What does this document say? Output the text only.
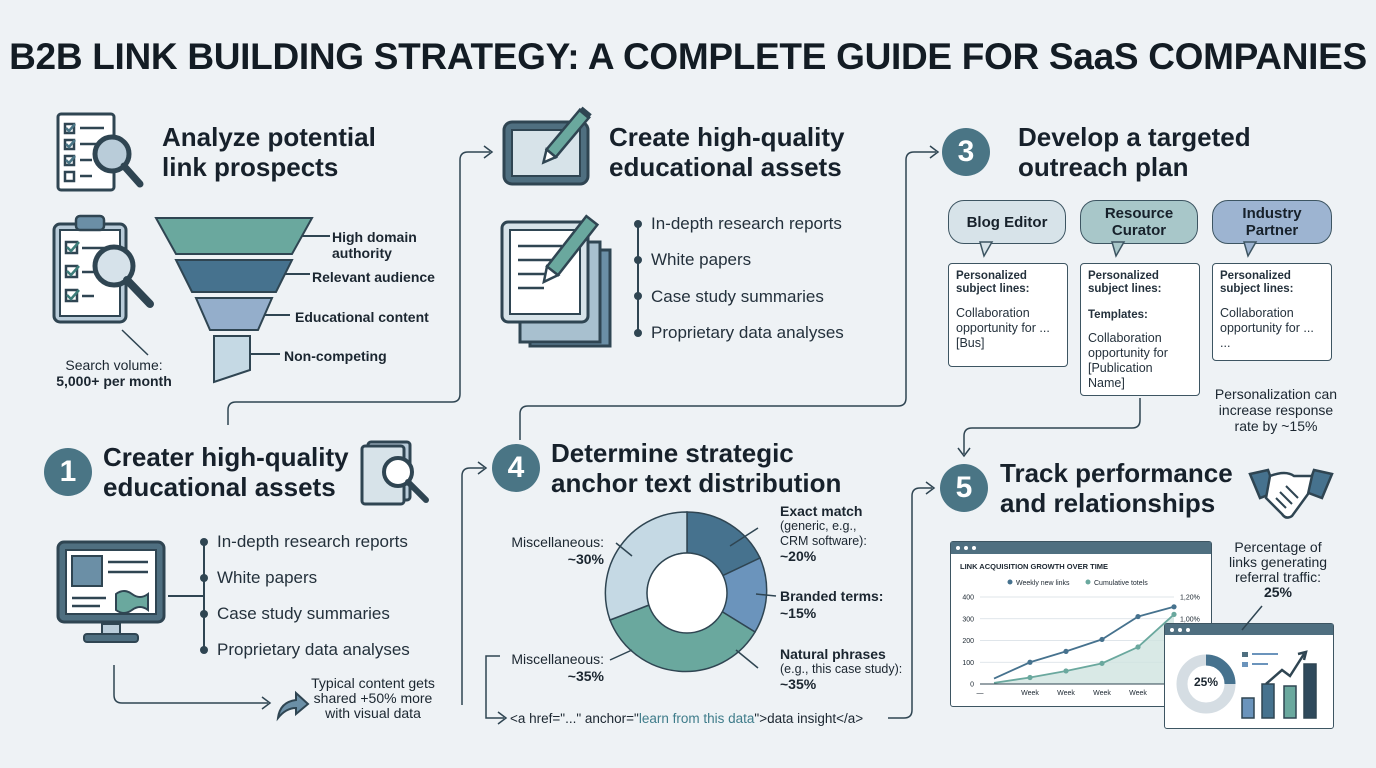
B2B LINK BUILDING STRATEGY: A COMPLETE GUIDE FOR SaaS COMPANIES
Analyze potential
link prospects
High domain
authority
Relevant audience
Educational content
Non-competing
Search volume:
5,000+ per month
Create high-quality
educational assets
In-depth research reports
White papers
Case study summaries
Proprietary data analyses
3	Develop a targeted
outreach plan
Blog Editor	Resource
Curator
Industry
Partner
Personalized subject lines:
Collaboration opportunity for ... [Bus]
Personalized subject lines:
Templates:
Collaboration opportunity for [Publication Name]
Personalized subject lines:
Collaboration opportunity for ... ...
Personalization can
increase response
rate by ~15%
1	Creater high-quality
educational assets
In-depth research reports
White papers
Case study summaries
Proprietary data analyses
Typical content gets
shared +50% more
with visual data
4	Determine strategic
anchor text distribution
Miscellaneous:
~30%
Miscellaneous:
~35%
Exact match
(generic, e.g.,
CRM software):
~20%
Branded terms:
~15%
Natural phrases
(e.g., this case study):
~35%
<a href="..." anchor="learn from this data">data insight</a>
5	Track performance
and relationships
LINK ACQUISITION GROWTH OVER TIME
Weekly new links	Cumulative totels
0
100
200
300
400	1,20%
1,00%
—	Week	Week	Week	Week
25%
Percentage of
links generating
referral traffic:
25%
